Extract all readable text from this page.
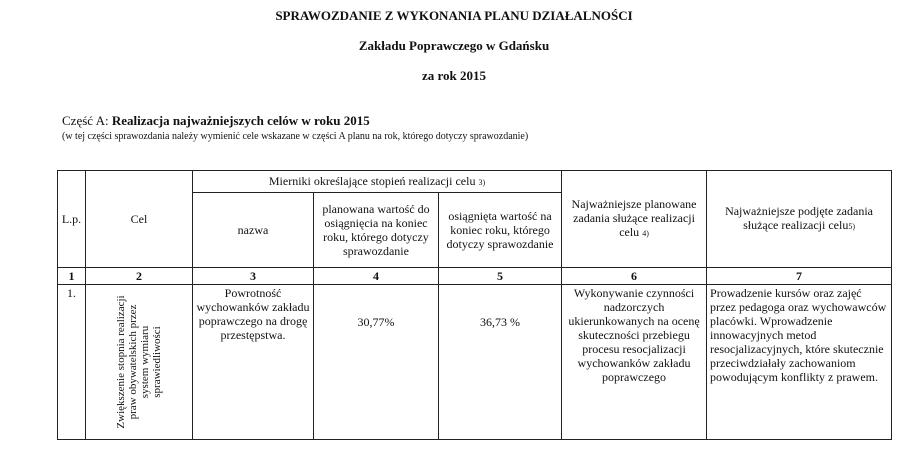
SPRAWOZDANIE Z WYKONANIA PLANU DZIAŁALNOŚCI
Zakładu Poprawczego w Gdańsku
za rok 2015
Część A: Realizacja najważniejszych celów w roku 2015
(w tej części sprawozdania należy wymienić cele wskazane w części A planu na rok, którego dotyczy sprawozdanie)
L.p.	Cel	Mierniki określające stopień realizacji celu 3)			Najważniejsze planowane zadania służące realizacji celu 4)	Najważniejsze podjęte zadania służące realizacji celu5)
		nazwa	planowana wartość do osiągnięcia na koniec roku, którego dotyczy sprawozdanie	osiągnięta wartość na koniec roku, którego dotyczy sprawozdanie		
1	2	3	4	5	6	7
1.	Zwiększenie stopnia realizacji praw obywatelskich przez system wymiaru sprawiedliwości	Powrotność wychowanków zakładu poprawczego na drogę przestępstwa.	30,77%	36,73 %	Wykonywanie czynności nadzorczych ukierunkowanych na ocenę skuteczności przebiegu procesu resocjalizacji wychowanków zakładu poprawczego	Prowadzenie kursów oraz zajęć przez pedagoga oraz wychowawców placówki. Wprowadzenie innowacyjnych metod resocjalizacyjnych, które skutecznie przeciwdziałały zachowaniom powodującym konflikty z prawem.
